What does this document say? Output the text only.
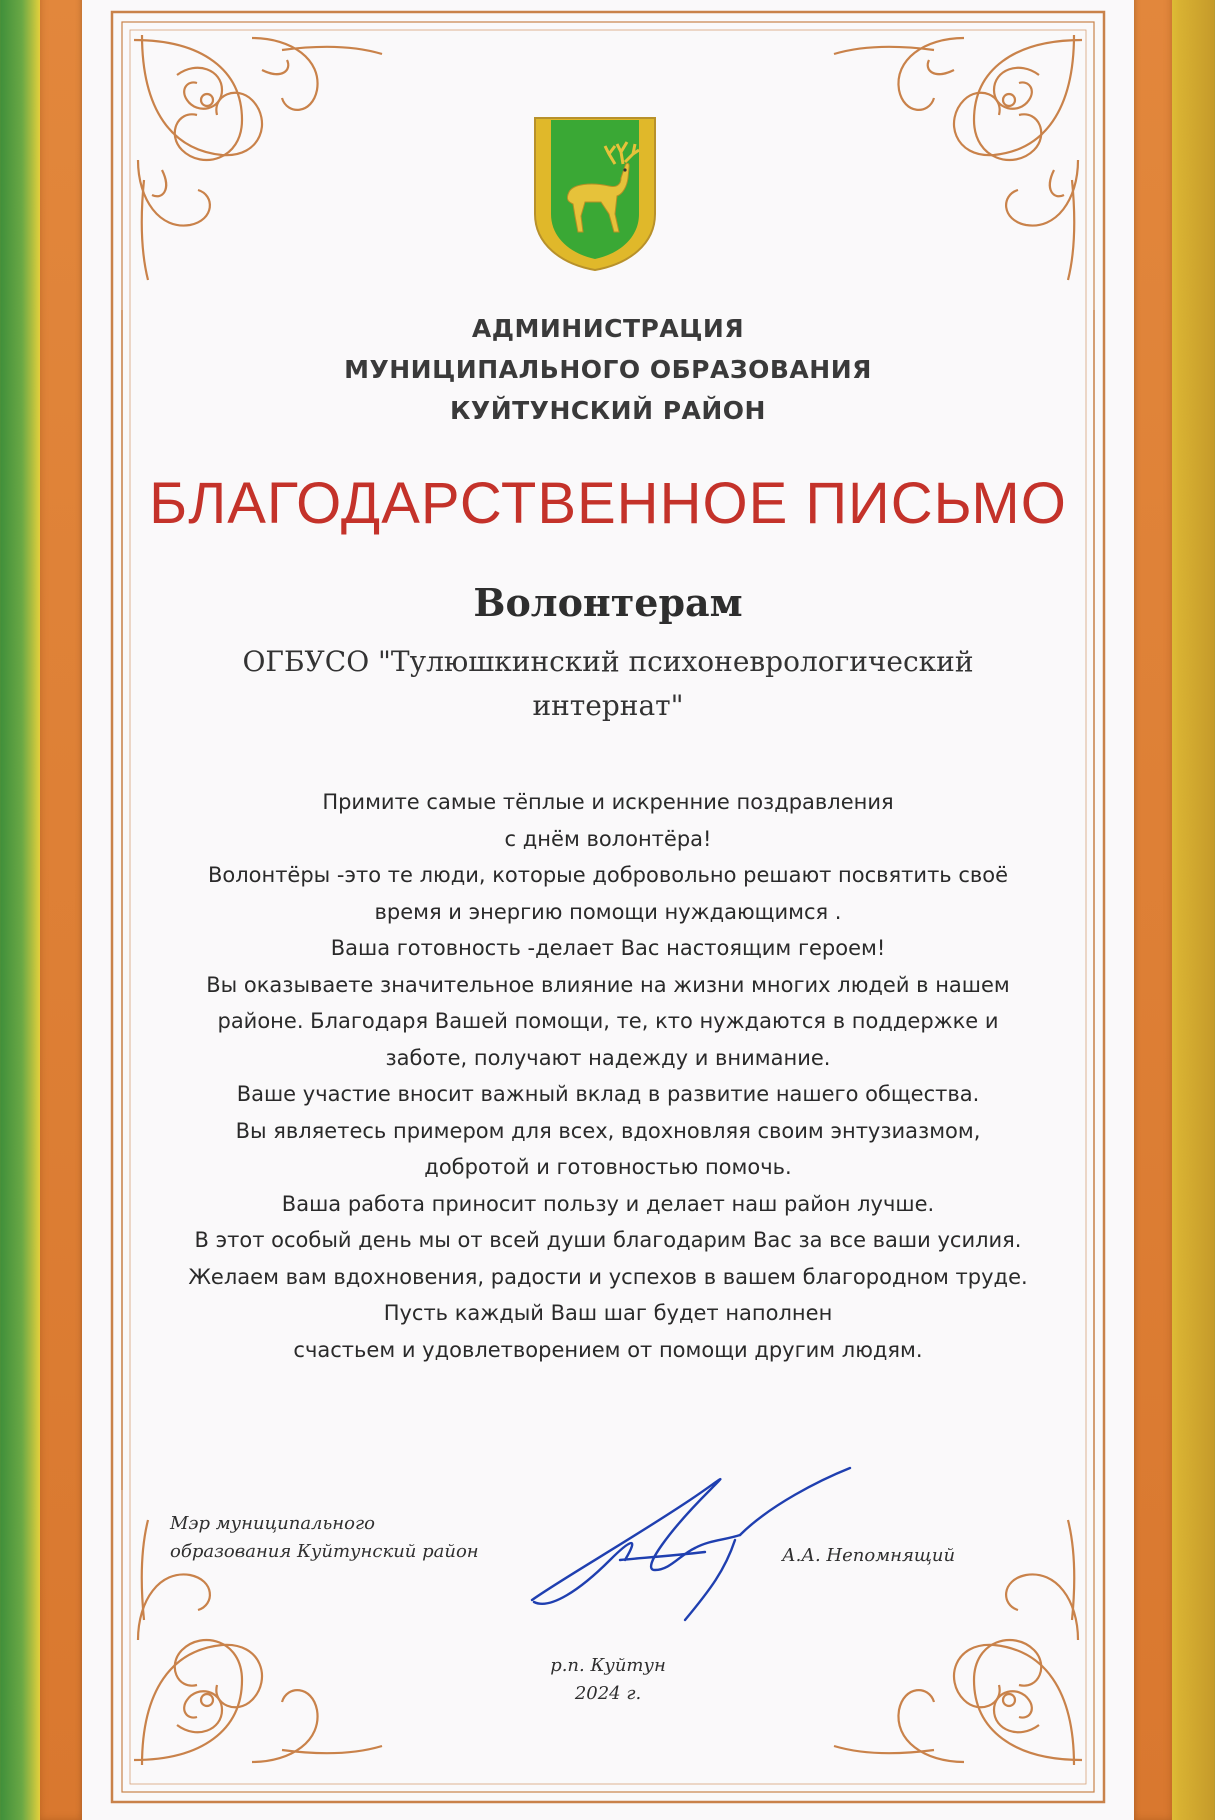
АДМИНИСТРАЦИЯ
МУНИЦИПАЛЬНОГО ОБРАЗОВАНИЯ
КУЙТУНСКИЙ РАЙОН
БЛАГОДАРСТВЕННОЕ ПИСЬМО
Волонтерам
ОГБУСО "Тулюшкинский психоневрологический
интернат"
Примите самые тёплые и искренние поздравления
с днём волонтёра!
Волонтёры -это те люди, которые добровольно решают посвятить своё
время и энергию помощи нуждающимся .
Ваша готовность -делает Вас настоящим героем!
Вы оказываете значительное влияние на жизни многих людей в нашем
районе. Благодаря Вашей помощи, те, кто нуждаются в поддержке и
заботе, получают надежду и внимание.
Ваше участие вносит важный вклад в развитие нашего общества.
Вы являетесь примером для всех, вдохновляя своим энтузиазмом,
добротой и готовностью помочь.
Ваша работа приносит пользу и делает наш район лучше.
В этот особый день мы от всей души благодарим Вас за все ваши усилия.
Желаем вам вдохновения, радости и успехов в вашем благородном труде.
Пусть каждый Ваш шаг будет наполнен
счастьем и удовлетворением от помощи другим людям.
Мэр муниципального
образования Куйтунский район	А.А. Непомнящий
р.п. Куйтун
2024 г.
